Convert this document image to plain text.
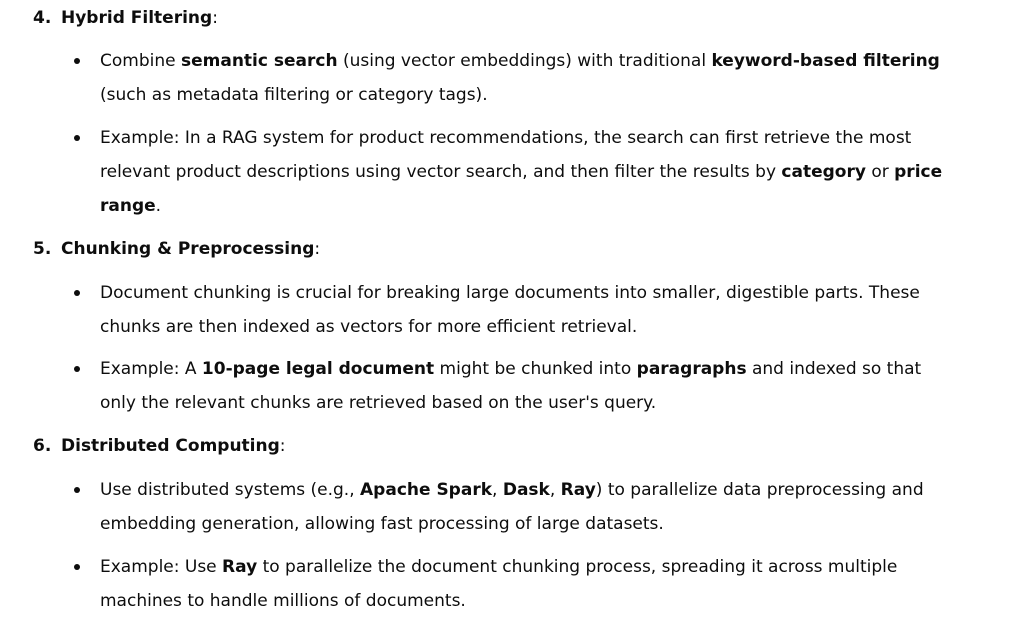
4. Hybrid Filtering:
Combine semantic search (using vector embeddings) with traditional keyword-based filtering (such as metadata filtering or category tags).
Example: In a RAG system for product recommendations, the search can first retrieve the most relevant product descriptions using vector search, and then filter the results by category or price range.
5. Chunking & Preprocessing:
Document chunking is crucial for breaking large documents into smaller, digestible parts. These chunks are then indexed as vectors for more efficient retrieval.
Example: A 10-page legal document might be chunked into paragraphs and indexed so that only the relevant chunks are retrieved based on the user's query.
6. Distributed Computing:
Use distributed systems (e.g., Apache Spark, Dask, Ray) to parallelize data preprocessing and embedding generation, allowing fast processing of large datasets.
Example: Use Ray to parallelize the document chunking process, spreading it across multiple machines to handle millions of documents.
